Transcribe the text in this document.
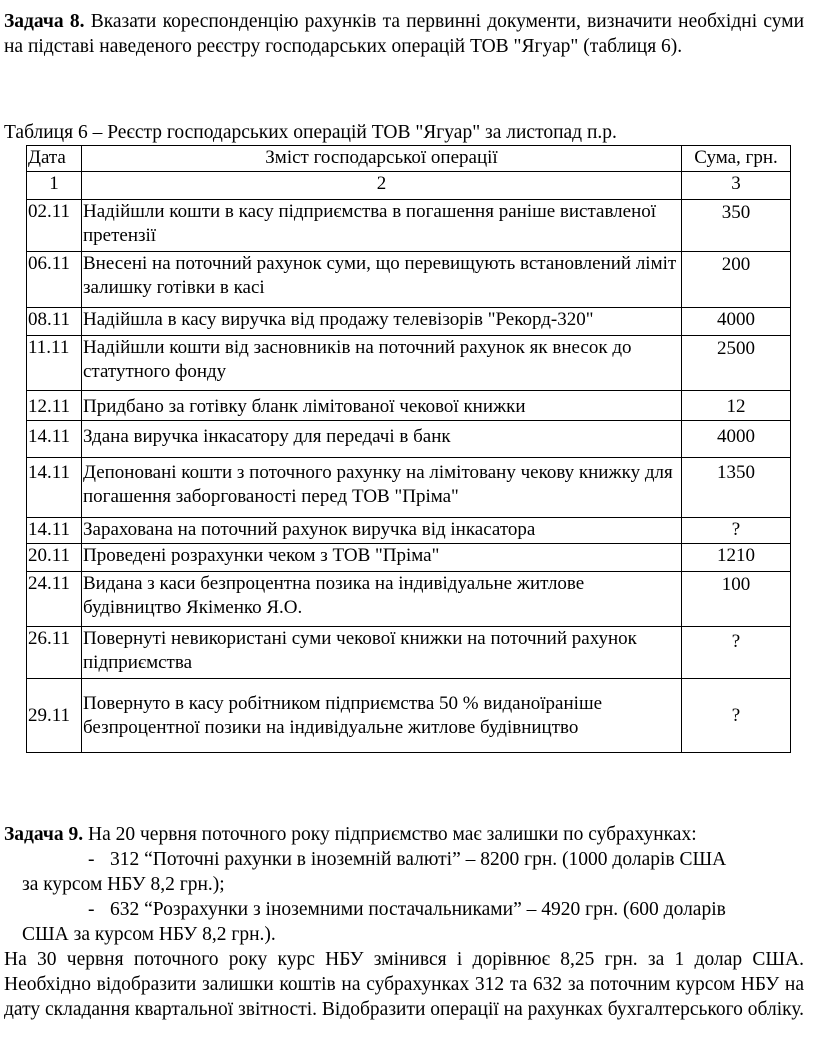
Задача 8. Вказати кореспонденцію рахунків та первинні документи, визначити необхідні суми на підставі наведеного реєстру господарських операцій ТОВ "Ягуар" (таблиця 6).
Таблиця 6 – Реєстр господарських операцій ТОВ "Ягуар" за листопад п.р.
Дата	Зміст господарської операції	Сума, грн.
1	2	3
02.11	Надійшли кошти в касу підприємства в погашення раніше виставленої претензії	350
06.11	Внесені на поточний рахунок суми, що перевищують встановлений ліміт залишку готівки в касі	200
08.11	Надійшла в касу виручка від продажу телевізорів "Рекорд-320"	4000
11.11	Надійшли кошти від засновників на поточний рахунок як внесок до статутного фонду	2500
12.11	Придбано за готівку бланк лімітованої чекової книжки	12
14.11	Здана виручка інкасатору для передачі в банк	4000
14.11	Депоновані кошти з поточного рахунку на лімітовану чекову книжку для погашення заборгованості перед ТОВ "Пріма"	1350
14.11	Зарахована на поточний рахунок виручка від інкасатора	?
20.11	Проведені розрахунки чеком з ТОВ "Пріма"	1210
24.11	Видана з каси безпроцентна позика на індивідуальне житлове будівництво Якіменко Я.О.	100
26.11	Повернуті невикористані суми чекової книжки на поточний рахунок підприємства	?
29.11	Повернуто в касу робітником підприємства 50 % виданоїраніше безпроцентної позики на індивідуальне житлове будівництво	?

Задача 9. На 20 червня поточного року підприємство має залишки по субрахунках:

- 312 “Поточні рахунки в іноземній валюті” – 8200 грн. (1000 доларів США
за курсом НБУ 8,2 грн.);

- 632 “Розрахунки з іноземними постачальниками” – 4920 грн. (600 доларів
США за курсом НБУ 8,2 грн.).

На 30 червня поточного року курс НБУ змінився і дорівнює 8,25 грн. за 1 долар США. Необхідно відобразити залишки коштів на субрахунках 312 та 632 за поточним курсом НБУ на дату складання квартальної звітності. Відобразити операції на рахунках бухгалтерського обліку.
